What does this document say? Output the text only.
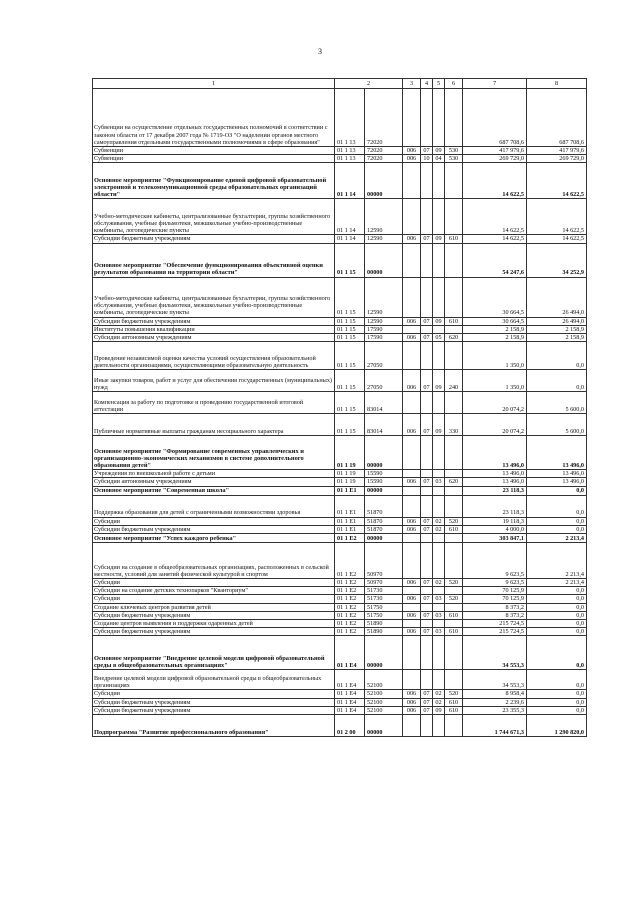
3
1	2		3	4	5	6	7	8
Субвенции на осуществление отдельных государственных полномочий в соответствии с законом области от 17 декабря 2007 года № 1719-ОЗ "О наделении органов местного самоуправления отдельными государственными полномочиями в сфере образования"	01 1 13	72020					687 708,6	687 708,6
Субвенции	01 1 13	72020	006	07	09	530	417 979,6	417 979,6
Субвенции	01 1 13	72020	006	10	04	530	269 729,0	269 729,0
Основное мероприятие "Функционирование единой цифровой образовательной электронной и телекоммуникационной среды образовательных организаций области"	01 1 14	00000					14 622,5	14 622,5
Учебно-методические кабинеты, централизованные бухгалтерии, группы хозяйственного обслуживания, учебные фильмотеки, межшкольные учебно-производственные комбинаты, логопедические пункты	01 1 14	12590					14 622,5	14 622,5
Субсидии бюджетным учреждениям	01 1 14	12590	006	07	09	610	14 622,5	14 622,5
Основное мероприятие "Обеспечение функционирования объективной оценки результатов образования на территории области"	01 1 15	00000					54 247,6	34 252,9
Учебно-методические кабинеты, централизованные бухгалтерии, группы хозяйственного обслуживания, учебные фильмотеки, межшкольные учебно-производственные комбинаты, логопедические пункты	01 1 15	12590					30 664,5	26 494,0
Субсидии бюджетным учреждениям	01 1 15	12590	006	07	09	610	30 664,5	26 494,0
Институты повышения квалификации	01 1 15	17590					2 158,9	2 158,9
Субсидии автономным учреждениям	01 1 15	17590	006	07	05	620	2 158,9	2 158,9
Проведение независимой оценки качества условий осуществления образовательной деятельности организациями, осуществляющими образовательную деятельность	01 1 15	27050					1 350,0	0,0
Иные закупки товаров, работ и услуг для обеспечения государственных (муниципальных) нужд	01 1 15	27050	006	07	09	240	1 350,0	0,0
Компенсация за работу по подготовке и проведению государственной итоговой аттестации	01 1 15	83014					20 074,2	5 600,0
Публичные нормативные выплаты гражданам несоциального характера	01 1 15	83014	006	07	09	330	20 074,2	5 600,0
Основное мероприятие "Формирование современных управленческих и организационно-экономических механизмов в системе дополнительного образования детей"	01 1 19	00000					13 496,0	13 496,0
Учреждения по внешкольной работе с детьми	01 1 19	15590					13 496,0	13 496,0
Субсидии автономным учреждениям	01 1 19	15590	006	07	03	620	13 496,0	13 496,0
Основное мероприятие "Современная школа"	01 1 E1	00000					23 118,3	0,0
Поддержка образования для детей с ограниченными возможностями здоровья	01 1 E1	51870					23 118,3	0,0
Субсидии	01 1 E1	51870	006	07	02	520	19 118,3	0,0
Субсидии бюджетным учреждениям	01 1 E1	51870	006	07	02	610	4 000,0	0,0
Основное мероприятие "Успех каждого ребенка"	01 1 E2	00000					303 847,1	2 213,4
Субсидии на создание в общеобразовательных организациях, расположенных в сельской местности, условий для занятий физической культурой и спортом	01 1 E2	50970					9 623,5	2 213,4
Субсидии	01 1 E2	50970	006	07	02	520	9 623,5	2 213,4
Субсидии на создание детских технопарков "Кванториум"	01 1 E2	51730					70 125,9	0,0
Субсидии	01 1 E2	51730	006	07	03	520	70 125,9	0,0
Создание ключевых центров развития детей	01 1 E2	51750					8 373,2	0,0
Субсидии бюджетным учреждениям	01 1 E2	51750	006	07	03	610	8 373,2	0,0
Создание центров выявления и поддержки одаренных детей	01 1 E2	51890					215 724,5	0,0
Субсидии бюджетным учреждениям	01 1 E2	51890	006	07	03	610	215 724,5	0,0
Основное мероприятие "Внедрение целевой модели цифровой образовательной среды в общеобразовательных организациях"	01 1 E4	00000					34 553,3	0,0
Внедрение целевой модели цифровой образовательной среды в общеобразовательных организациях	01 1 E4	52100					34 553,3	0,0
Субсидии	01 1 E4	52100	006	07	02	520	8 958,4	0,0
Субсидии бюджетным учреждениям	01 1 E4	52100	006	07	02	610	2 239,6	0,0
Субсидии бюджетным учреждениям	01 1 E4	52100	006	07	09	610	23 355,3	0,0
Подпрограмма "Развитие профессионального образования"	01 2 00	00000					1 744 671,3	1 290 820,0
